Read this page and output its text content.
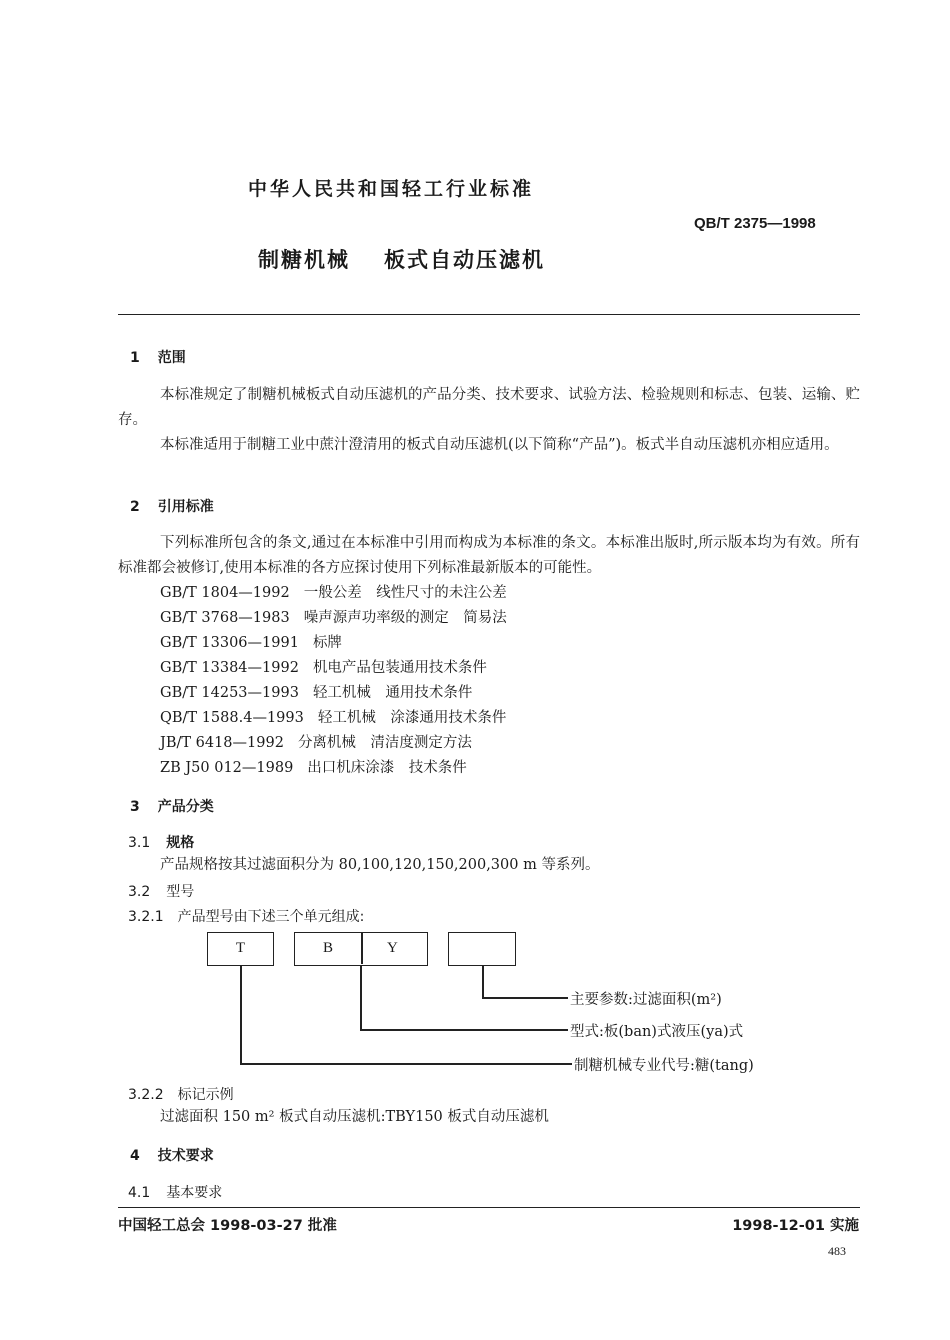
中华人民共和国轻工行业标准
QB/T 2375—1998
制糖机械 板式自动压滤机
1 范围
本标准规定了制糖机械板式自动压滤机的产品分类、技术要求、试验方法、检验规则和标志、包装、运输、贮存。
本标准适用于制糖工业中蔗汁澄清用的板式自动压滤机(以下简称“产品”)。板式半自动压滤机亦相应适用。
2 引用标准
下列标准所包含的条文,通过在本标准中引用而构成为本标准的条文。本标准出版时,所示版本均为有效。所有标准都会被修订,使用本标准的各方应探讨使用下列标准最新版本的可能性。
GB/T 1804—1992 一般公差　线性尺寸的未注公差
GB/T 3768—1983 噪声源声功率级的测定　简易法
GB/T 13306—1991 标牌
GB/T 13384—1992 机电产品包装通用技术条件
GB/T 14253—1993 轻工机械　通用技术条件
QB/T 1588.4—1993 轻工机械　涂漆通用技术条件
JB/T 6418—1992 分离机械　清洁度测定方法
ZB J50 012—1989 出口机床涂漆　技术条件
3 产品分类
3.1 规格
产品规格按其过滤面积分为 80,100,120,150,200,300 m 等系列。
3.2 型号
3.2.1 产品型号由下述三个单元组成:
T	B	Y
主要参数:过滤面积(m²)
型式:板(ban)式液压(ya)式
制糖机械专业代号:糖(tang)
3.2.2 标记示例
过滤面积 150 m² 板式自动压滤机:TBY150 板式自动压滤机
4 技术要求
4.1 基本要求
中国轻工总会 1998-03-27 批准	1998-12-01 实施
483
